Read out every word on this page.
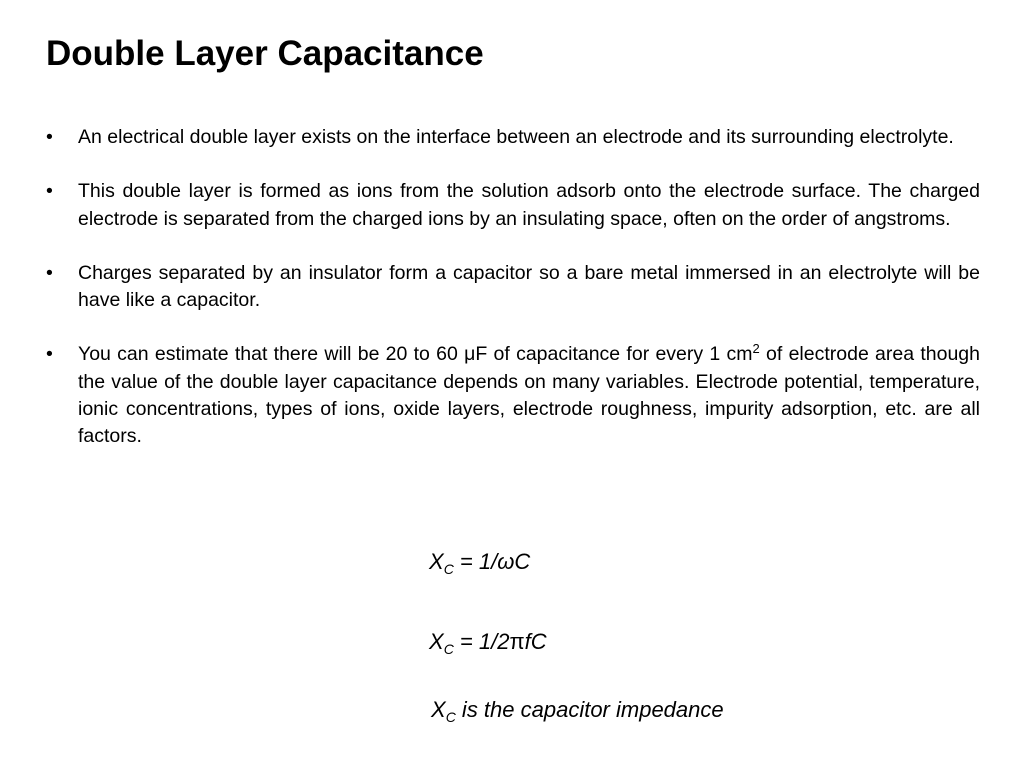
Double Layer Capacitance
• An electrical double layer exists on the interface between an electrode and its surrounding electrolyte.
• This double layer is formed as ions from the solution adsorb onto the electrode surface. The charged electrode is separated from the charged ions by an insulating space, often on the order of angstroms.
• Charges separated by an insulator form a capacitor so a bare metal immersed in an electrolyte will be have like a capacitor.
• You can estimate that there will be 20 to 60 μF of capacitance for every 1 $cm^2$ of electrode area though the value of the double layer capacitance depends on many variables. Electrode potential, temperature, ionic concentrations, types of ions, oxide layers, electrode roughness, impurity adsorption, etc. are all factors.
$X_C = 1/\omega C$
$X_C = 1/2\pi fC$
$X_C$ is the capacitor impedance
